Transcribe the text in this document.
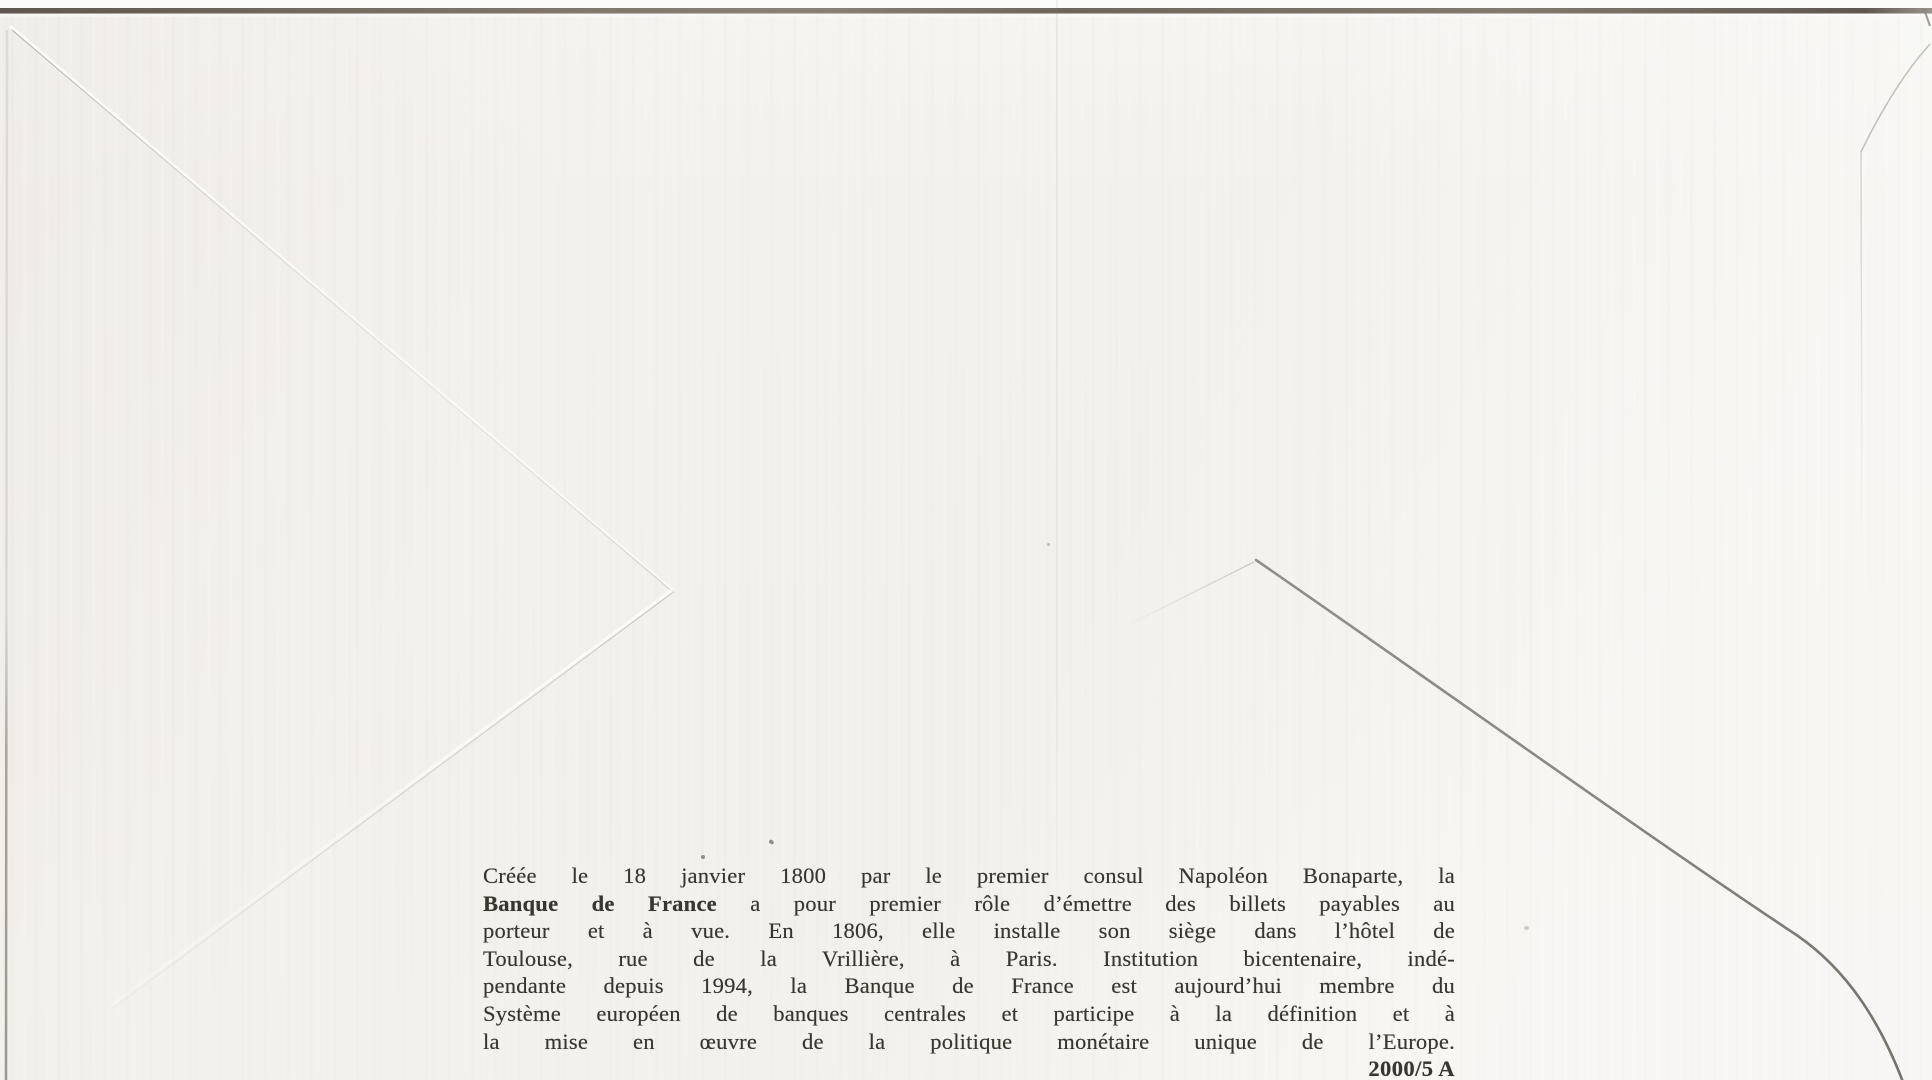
Créée le 18 janvier 1800 par le premier consul Napoléon Bonaparte, la
Banque de France a pour premier rôle d’émettre des billets payables au
porteur et à vue. En 1806, elle installe son siège dans l’hôtel de
Toulouse, rue de la Vrillière, à Paris. Institution bicentenaire, indé-
pendante depuis 1994, la Banque de France est aujourd’hui membre du
Système européen de banques centrales et participe à la définition et à
la mise en œuvre de la politique monétaire unique de l’Europe.
2000/5 A
